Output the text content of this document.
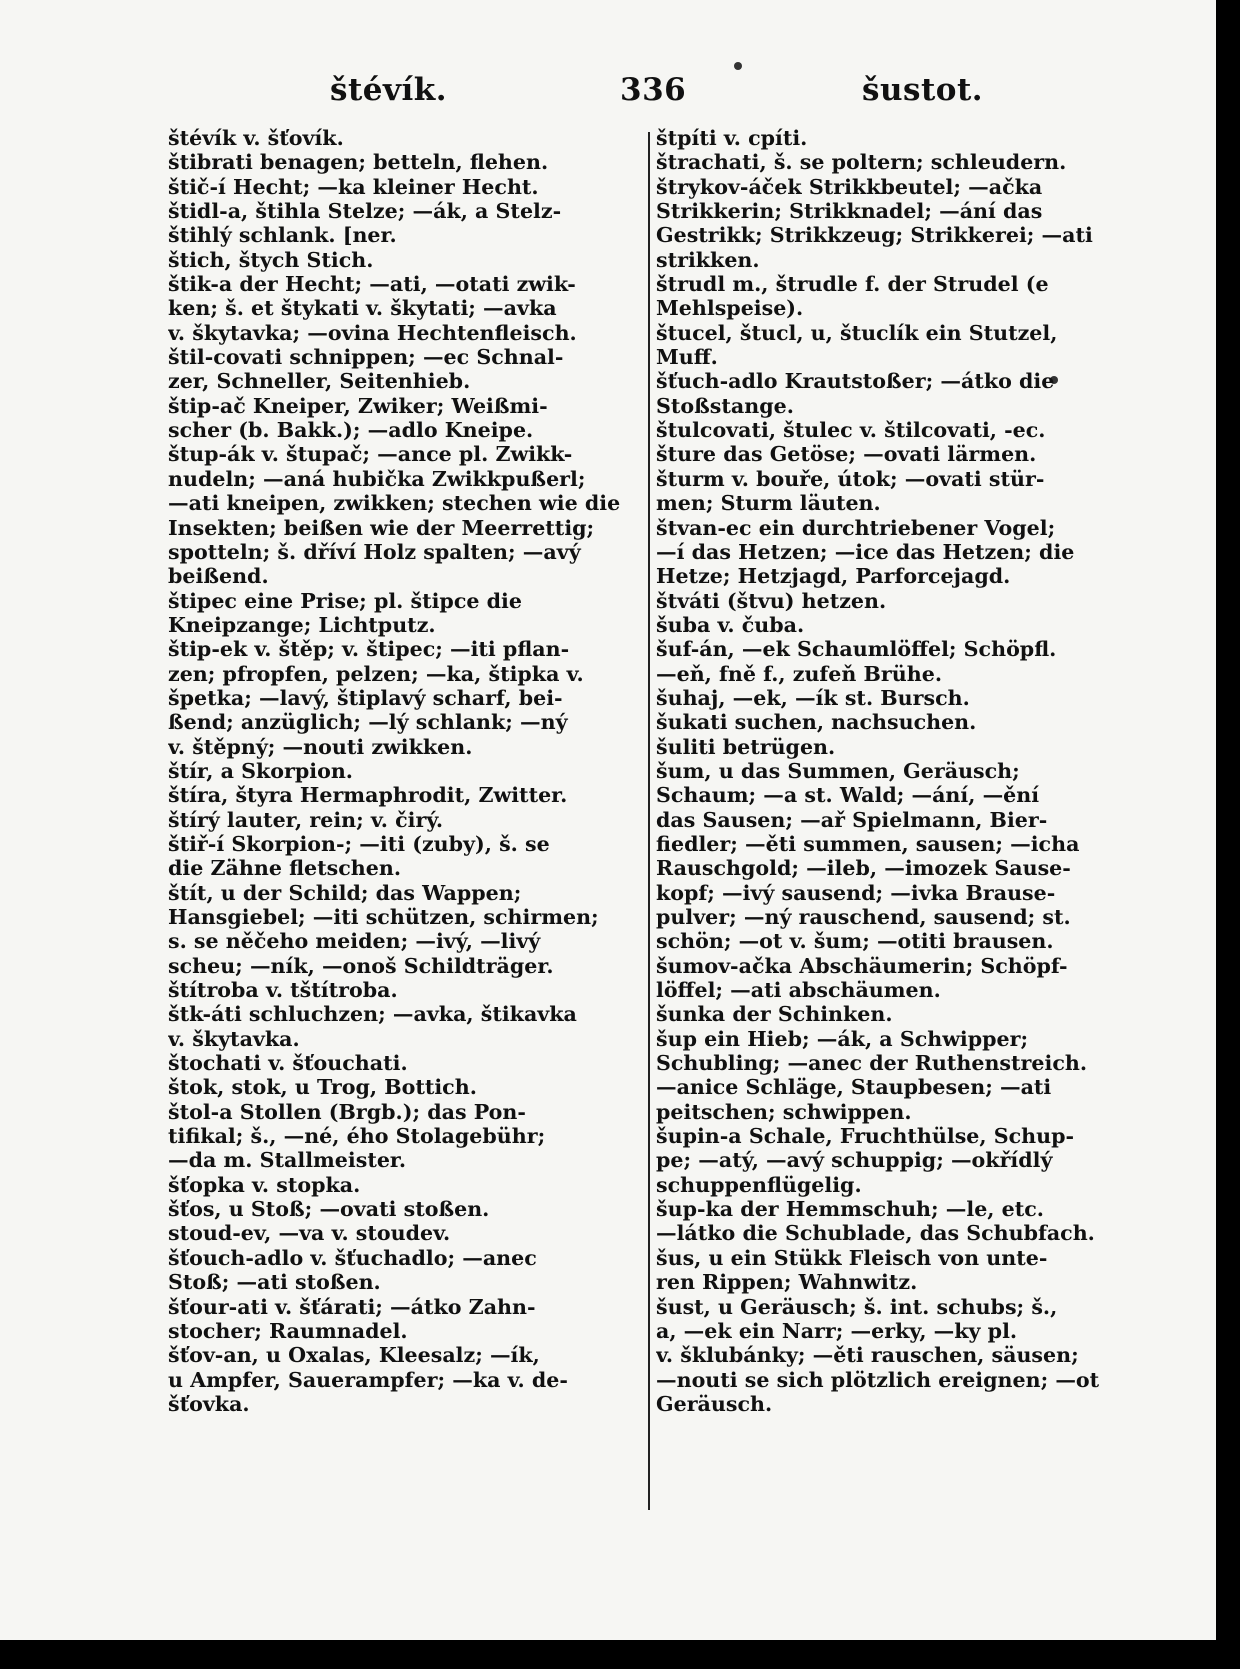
štévík.	336	šustot.
štévík v. šťovík.
štibrati benagen; betteln, flehen.
štič-í Hecht; —ka kleiner Hecht.
štidl-a, štihla Stelze; —ák, a Stelz-
štihlý schlank. [ner.
štich, štych Stich.
štik-a der Hecht; —ati, —otati zwik-
ken; š. et štykati v. škytati; —avka
v. škytavka; —ovina Hechtenfleisch.
štil-covati schnippen; —ec Schnal-
zer, Schneller, Seitenhieb.
štip-ač Kneiper, Zwiker; Weißmi-
scher (b. Bakk.); —adlo Kneipe.
štup-ák v. štupač; —ance pl. Zwikk-
nudeln; —aná hubička Zwikkpußerl;
—ati kneipen, zwikken; stechen wie die
Insekten; beißen wie der Meerrettig;
spotteln; š. dříví Holz spalten; —avý
beißend.
štipec eine Prise; pl. štipce die
Kneipzange; Lichtputz.
štip-ek v. štěp; v. štipec; —iti pflan-
zen; pfropfen, pelzen; —ka, štipka v.
špetka; —lavý, štiplavý scharf, bei-
ßend; anzüglich; —lý schlank; —ný
v. štěpný; —nouti zwikken.
štír, a Skorpion.
štíra, štyra Hermaphrodit, Zwitter.
štírý lauter, rein; v. čirý.
štiř-í Skorpion-; —iti (zuby), š. se
die Zähne fletschen.
štít, u der Schild; das Wappen;
Hansgiebel; —iti schützen, schirmen;
s. se něčeho meiden; —ivý, —livý
scheu; —ník, —onoš Schildträger.
štítroba v. tštítroba.
štk-áti schluchzen; —avka, štikavka
v. škytavka.
štochati v. šťouchati.
štok, stok, u Trog, Bottich.
štol-a Stollen (Brgb.); das Pon-
tifikal; š., —né, ého Stolagebühr;
—da m. Stallmeister.
šťopka v. stopka.
šťos, u Stoß; —ovati stoßen.
stoud-ev, —va v. stoudev.
šťouch-adlo v. šťuchadlo; —anec
Stoß; —ati stoßen.
šťour-ati v. šťárati; —átko Zahn-
stocher; Raumnadel.
šťov-an, u Oxalas, Kleesalz; —ík,
u Ampfer, Sauerampfer; —ka v. de-
šťovka.
štpíti v. cpíti.
štrachati, š. se poltern; schleudern.
štrykov-áček Strikkbeutel; —ačka
Strikkerin; Strikknadel; —ání das
Gestrikk; Strikkzeug; Strikkerei; —ati
strikken.
štrudl m., štrudle f. der Strudel (e
Mehlspeise).
štucel, štucl, u, štuclík ein Stutzel,
Muff.
šťuch-adlo Krautstoßer; —átko die
Stoßstange.
štulcovati, štulec v. štilcovati, -ec.
šture das Getöse; —ovati lärmen.
šturm v. bouře, útok; —ovati stür-
men; Sturm läuten.
štvan-ec ein durchtriebener Vogel;
—í das Hetzen; —ice das Hetzen; die
Hetze; Hetzjagd, Parforcejagd.
štváti (štvu) hetzen.
šuba v. čuba.
šuf-án, —ek Schaumlöffel; Schöpfl.
—eň, fně f., zufeň Brühe.
šuhaj, —ek, —ík st. Bursch.
šukati suchen, nachsuchen.
šuliti betrügen.
šum, u das Summen, Geräusch;
Schaum; —a st. Wald; —ání, —ění
das Sausen; —ař Spielmann, Bier-
fiedler; —ěti summen, sausen; —icha
Rauschgold; —ileb, —imozek Sause-
kopf; —ivý sausend; —ivka Brause-
pulver; —ný rauschend, sausend; st.
schön; —ot v. šum; —otiti brausen.
šumov-ačka Abschäumerin; Schöpf-
löffel; —ati abschäumen.
šunka der Schinken.
šup ein Hieb; —ák, a Schwipper;
Schubling; —anec der Ruthenstreich.
—anice Schläge, Staupbesen; —ati
peitschen; schwippen.
šupin-a Schale, Fruchthülse, Schup-
pe; —atý, —avý schuppig; —okřídlý
schuppenflügelig.
šup-ka der Hemmschuh; —le, etc.
—látko die Schublade, das Schubfach.
šus, u ein Stükk Fleisch von unte-
ren Rippen; Wahnwitz.
šust, u Geräusch; š. int. schubs; š.,
a, —ek ein Narr; —erky, —ky pl.
v. šklubánky; —ěti rauschen, säusen;
—nouti se sich plötzlich ereignen; —ot
Geräusch.
